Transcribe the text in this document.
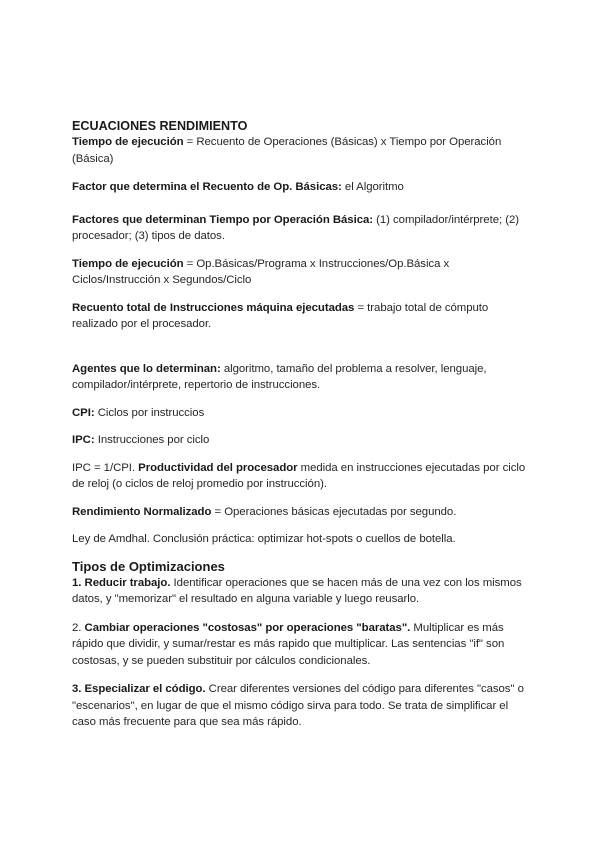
ECUACIONES RENDIMIENTO

Tiempo de ejecución = Recuento de Operaciones (Básicas) x Tiempo por Operación (Básica)

Factor que determina el Recuento de Op. Básicas: el Algoritmo

Factores que determinan Tiempo por Operación Básica: (1) compilador/intérprete; (2) procesador; (3) tipos de datos.

Tiempo de ejecución = Op.Básicas/Programa x Instrucciones/Op.Básica x Ciclos/Instrucción x Segundos/Ciclo

Recuento total de Instrucciones máquina ejecutadas = trabajo total de cómputo realizado por el procesador.

Agentes que lo determinan: algoritmo, tamaño del problema a resolver, lenguaje, compilador/intérprete, repertorio de instrucciones.

CPI: Ciclos por instruccios

IPC: Instrucciones por ciclo

IPC = 1/CPI. Productividad del procesador medida en instrucciones ejecutadas por ciclo de reloj (o ciclos de reloj promedio por instrucción).

Rendimiento Normalizado = Operaciones básicas ejecutadas por segundo.

Ley de Amdhal. Conclusión práctica: optimizar hot-spots o cuellos de botella.

Tipos de Optimizaciones

1. Reducir trabajo. Identificar operaciones que se hacen más de una vez con los mismos datos, y "memorizar" el resultado en alguna variable y luego reusarlo.

2. Cambiar operaciones "costosas" por operaciones "baratas". Multiplicar es más rápido que dividir, y sumar/restar es más rapido que multiplicar. Las sentencias "if" son costosas, y se pueden substituir por cálculos condicionales.

3. Especializar el código. Crear diferentes versiones del código para diferentes "casos" o "escenarios", en lugar de que el mismo código sirva para todo. Se trata de simplificar el caso más frecuente para que sea más rápido.
